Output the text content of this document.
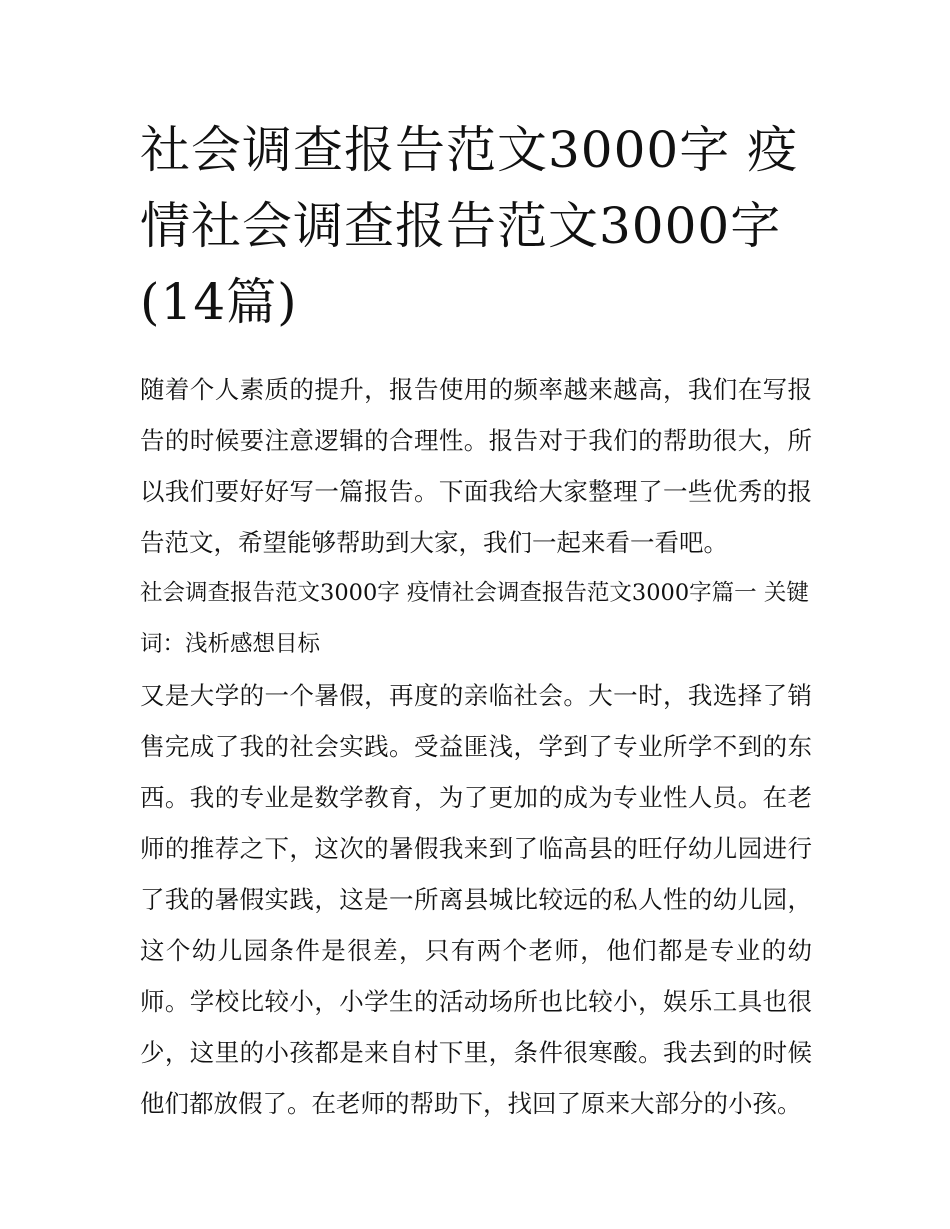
社会调查报告范文3000字 疫情社会调查报告范文3000字(14篇)

随着个人素质的提升，报告使用的频率越来越高，我们在写报告的时候要注意逻辑的合理性。报告对于我们的帮助很大，所以我们要好好写一篇报告。下面我给大家整理了一些优秀的报告范文，希望能够帮助到大家，我们一起来看一看吧。

社会调查报告范文3000字 疫情社会调查报告范文3000字篇一 关键词：浅析感想目标

又是大学的一个暑假，再度的亲临社会。大一时，我选择了销售完成了我的社会实践。受益匪浅，学到了专业所学不到的东西。我的专业是数学教育，为了更加的成为专业性人员。在老师的推荐之下，这次的暑假我来到了临高县的旺仔幼儿园进行了我的暑假实践，这是一所离县城比较远的私人性的幼儿园，这个幼儿园条件是很差，只有两个老师，他们都是专业的幼师。学校比较小，小学生的活动场所也比较小，娱乐工具也很少，这里的小孩都是来自村下里，条件很寒酸。我去到的时候他们都放假了。在老师的帮助下，找回了原来大部分的小孩。
